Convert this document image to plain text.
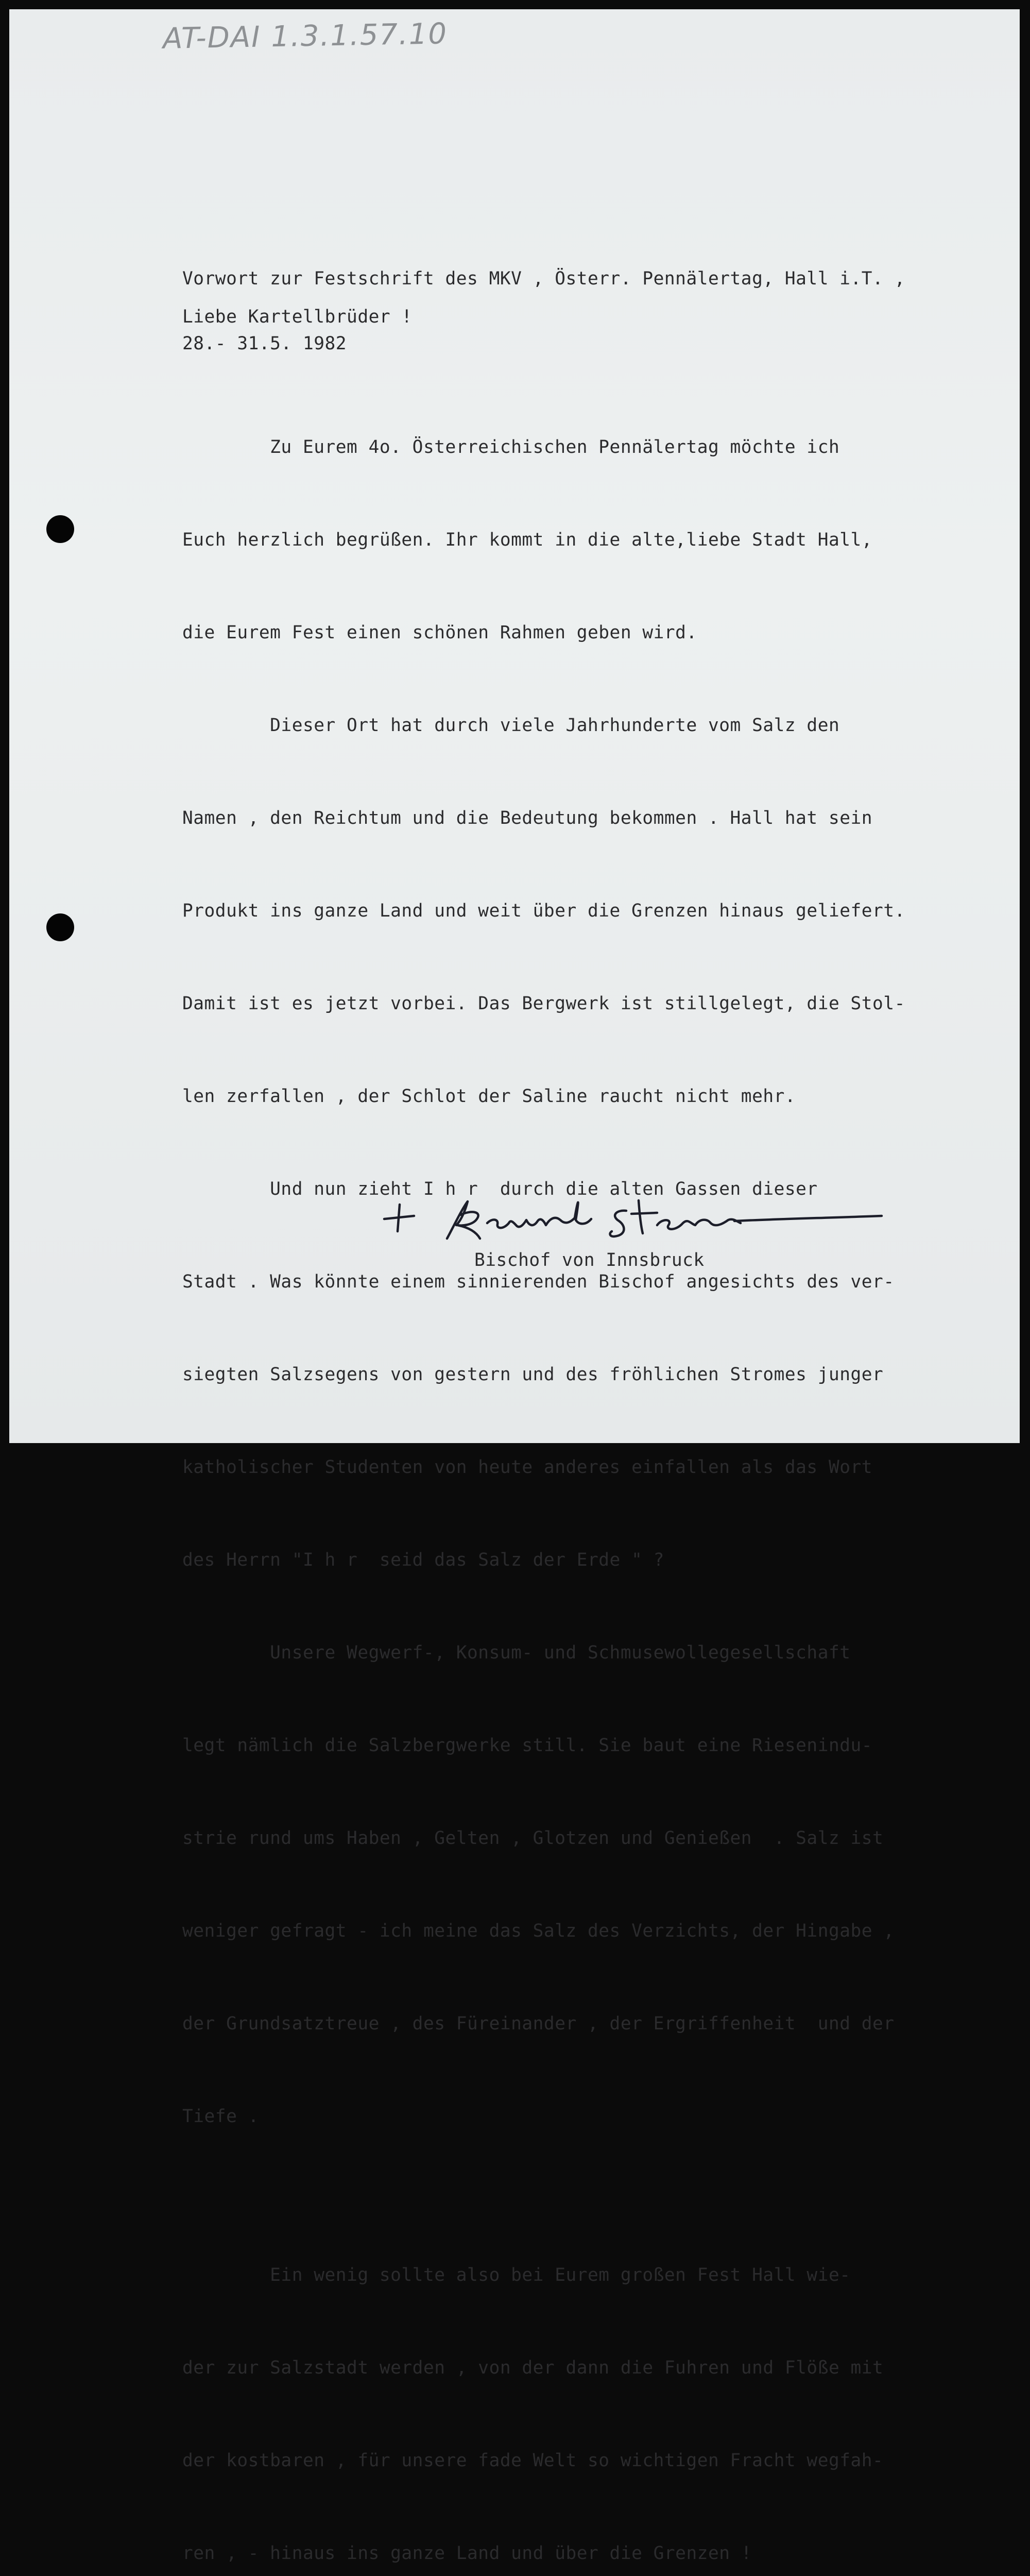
AT-DAI 1.3.1.57.10

Vorwort zur Festschrift des MKV , Österr. Pennälertag, Hall i.T. ,

28.- 31.5. 1982

Liebe Kartellbrüder !

Zu Eurem 4o. Österreichischen Pennälertag möchte ich

Euch herzlich begrüßen. Ihr kommt in die alte,liebe Stadt Hall,

die Eurem Fest einen schönen Rahmen geben wird.

Dieser Ort hat durch viele Jahrhunderte vom Salz den

Namen , den Reichtum und die Bedeutung bekommen . Hall hat sein

Produkt ins ganze Land und weit über die Grenzen hinaus geliefert.

Damit ist es jetzt vorbei. Das Bergwerk ist stillgelegt, die Stol-

len zerfallen , der Schlot der Saline raucht nicht mehr.

Und nun zieht I h r  durch die alten Gassen dieser

Stadt . Was könnte einem sinnierenden Bischof angesichts des ver-

siegten Salzsegens von gestern und des fröhlichen Stromes junger

katholischer Studenten von heute anderes einfallen als das Wort

des Herrn "I h r  seid das Salz der Erde " ?

Unsere Wegwerf-, Konsum- und Schmusewollegesellschaft

legt nämlich die Salzbergwerke still. Sie baut eine Riesenindu-

strie rund ums Haben , Gelten , Glotzen und Genießen  . Salz ist

weniger gefragt - ich meine das Salz des Verzichts, der Hingabe ,

der Grundsatztreue , des Füreinander , der Ergriffenheit  und der

Tiefe .

Ein wenig sollte also bei Eurem großen Fest Hall wie-

der zur Salzstadt werden , von der dann die Fuhren und Flöße mit

der kostbaren , für unsere fade Welt so wichtigen Fracht wegfah-

ren , - hinaus ins ganze Land und über die Grenzen !

Bischof von Innsbruck
